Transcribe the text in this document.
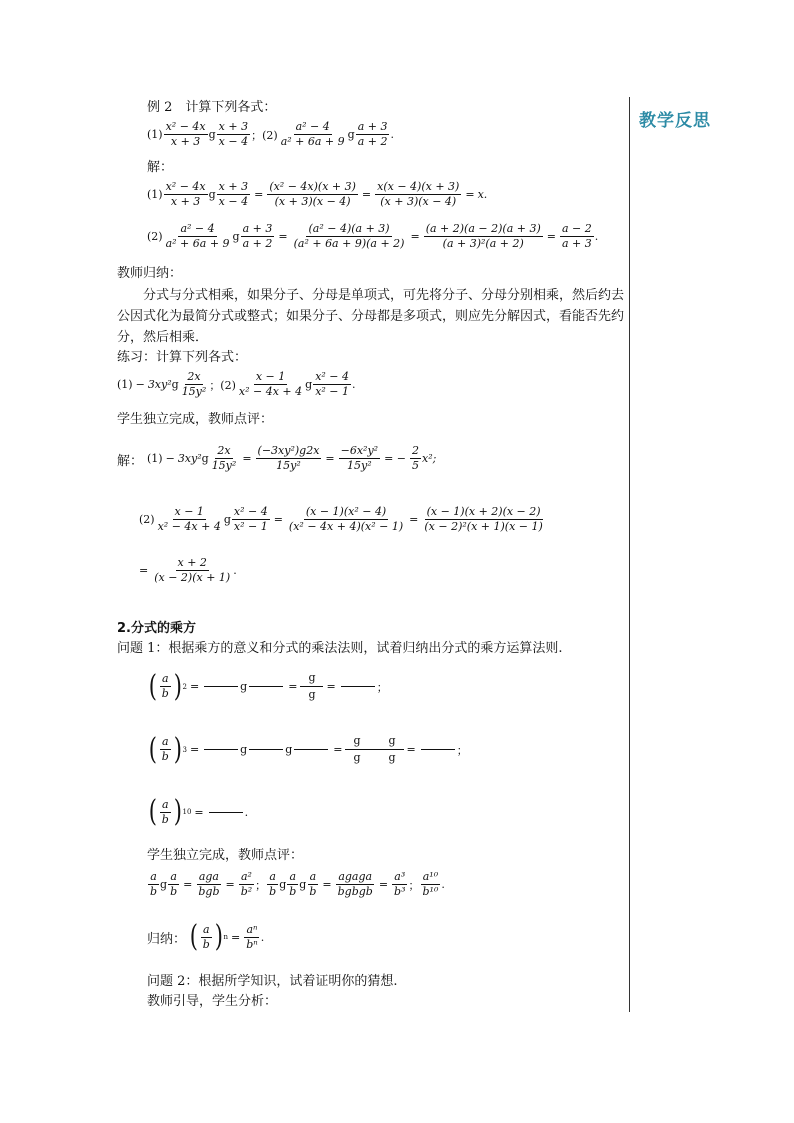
教学反思
例 2　计算下列各式：
$(1) \frac{\text{x² − 4x}}{x + 3}$ g $\frac{x + 3}{x - 4}$ ；$(2) \frac{\text{a² − 4}}{\text{a² + 6a + 9}}$ g $\frac{a + 3}{a + 2}$ .
解：
$(1) \frac{\text{x² − 4x}}{x + 3}$ g $\frac{x + 3}{x - 4} = \frac{\text{(x² − 4x)(x + 3)}}{(x + 3)(x - 4)} = \frac{x(x - 4)(x + 3)}{(x + 3)(x - 4)} = x$.
$(2) \frac{\text{a² − 4}}{\text{a² + 6a + 9}}$ g $\frac{a + 3}{a + 2} = \frac{\text{(a² − 4)(a + 3)}}{\text{(a² + 6a + 9)(a + 2)}} = \frac{(a + 2)(a - 2)(a + 3)}{\text{(a + 3)²(a + 2)}} = \frac{a - 2}{a + 3}$ .
教师归纳：
分式与分式相乘，如果分子、分母是单项式，可先将分子、分母分别相乘，然后约去公因式化为最简分式或整式；如果分子、分母都是多项式，则应先分解因式，看能否先约分，然后相乘．
练习：计算下列各式：
(1) − 3xy² g $\frac{2x}{\text{15y²}}$ ；$(2) \frac{x - 1}{\text{x² − 4x + 4}}$ g $\frac{\text{x² − 4}}{\text{x² − 1}}$ .
学生独立完成，教师点评：
解： (1) − 3xy² g $\frac{2x}{\text{15y²}} = \frac{\text{(−3xy²)g2x}}{\text{15y²}} = \frac{\text{−6x²y²}}{\text{15y²}}$ = − $\frac{2}{5} x^2$;
$(2) \frac{x - 1}{\text{x² − 4x + 4}}$ g $\frac{\text{x² − 4}}{\text{x² − 1}} = \frac{\text{(x − 1)(x² − 4)}}{\text{(x² − 4x + 4)(x² − 1)}} = \frac{(x - 1)(x + 2)(x - 2)}{\text{(x − 2)²(x + 1)(x − 1)}}$
= $\frac{x + 2}{(x - 2)(x + 1)}$ .
2.分式的乘方
问题 1：根据乘方的意义和分式的乘法法则，试着归纳出分式的乘方运算法则.
( $\frac{a}{b}$ ) 2 =	g	= $\frac{g}{g}$ =	；
( $\frac{a}{b}$ ) 3 =	g	g	= $\frac{\text{g        g}}{\text{g        g}}$ =	；
( $\frac{a}{b}$ ) 10 =	.
学生独立完成，教师点评：
$\frac{a}{b}$ g $\frac{a}{b} = \frac{\text{aga}}{\text{bgb}} = \frac{\text{a²}}{\text{b²}}$ ； $\frac{a}{b}$ g $\frac{a}{b}$ g $\frac{a}{b} = \frac{\text{agaga}}{\text{bgbgb}} = \frac{\text{a³}}{\text{b³}}$ ； $\frac{\text{a¹⁰}}{\text{b¹⁰}}$ .
归纳： ( $\frac{a}{b}$ ) $n = \frac{\text{aⁿ}}{\text{bⁿ}}$ .
问题 2：根据所学知识，试着证明你的猜想.
教师引导，学生分析：
